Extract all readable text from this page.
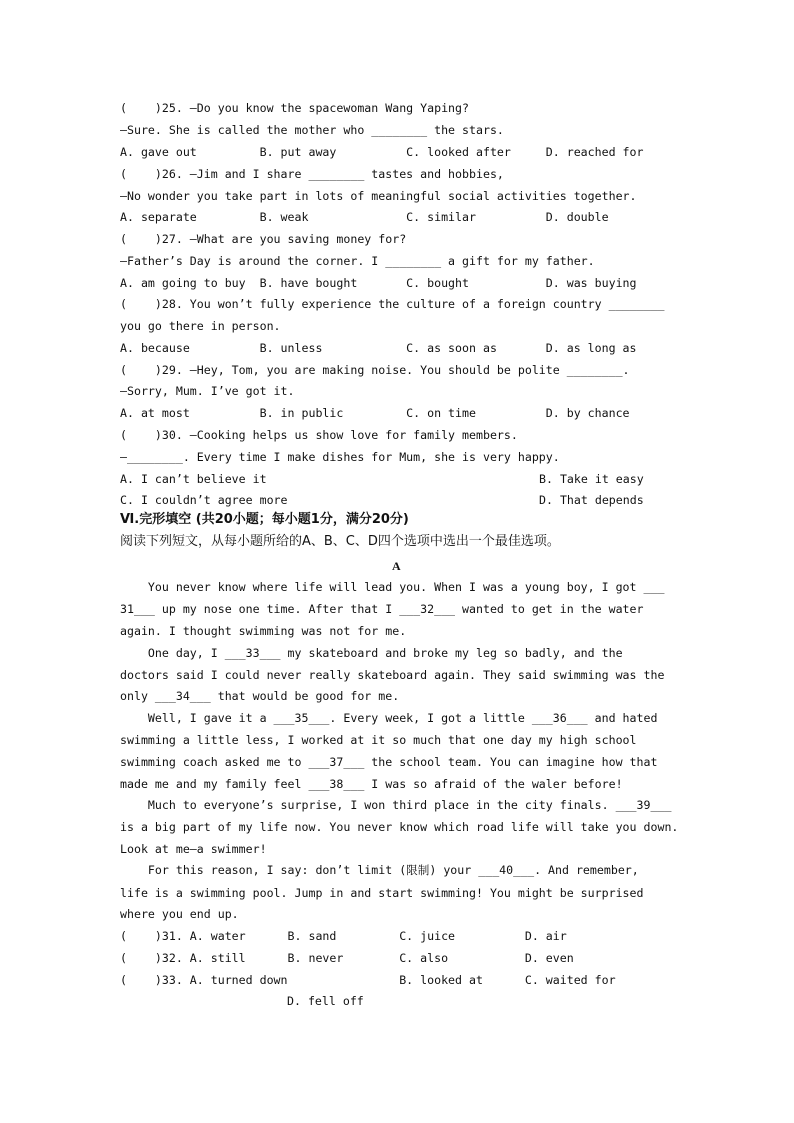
(    )25. —Do you know the spacewoman Wang Yaping?
—Sure. She is called the mother who ________ the stars.
A. gave out         B. put away          C. looked after     D. reached for
(    )26. —Jim and I share ________ tastes and hobbies,
—No wonder you take part in lots of meaningful social activities together.
A. separate         B. weak              C. similar          D. double
(    )27. —What are you saving money for?
—Father’s Day is around the corner. I ________ a gift for my father.
A. am going to buy  B. have bought       C. bought           D. was buying
(    )28. You won’t fully experience the culture of a foreign country ________
you go there in person.
A. because          B. unless            C. as soon as       D. as long as
(    )29. —Hey, Tom, you are making noise. You should be polite ________.
—Sorry, Mum. I’ve got it.
A. at most          B. in public         C. on time          D. by chance
(    )30. —Cooking helps us show love for family members.
—________. Every time I make dishes for Mum, she is very happy.
A. I can’t believe it	B. Take it easy
C. I couldn’t agree more	D. That depends
Ⅵ.完形填空 (共20小题；每小题1分，满分20分)
阅读下列短文，从每小题所给的A、B、C、D四个选项中选出一个最佳选项。
A
You never know where life will lead you. When I was a young boy, I got ___
31___ up my nose one time. After that I ___32___ wanted to get in the water
again. I thought swimming was not for me.
One day, I ___33___ my skateboard and broke my leg so badly, and the
doctors said I could never really skateboard again. They said swimming was the
only ___34___ that would be good for me.
Well, I gave it a ___35___. Every week, I got a little ___36___ and hated
swimming a little less, I worked at it so much that one day my high school
swimming coach asked me to ___37___ the school team. You can imagine how that
made me and my family feel ___38___ I was so afraid of the waler before!
Much to everyone’s surprise, I won third place in the city finals. ___39___
is a big part of my life now. You never know which road life will take you down.
Look at me—a swimmer!
For this reason, I say: don’t limit (限制) your ___40___. And remember,
life is a swimming pool. Jump in and start swimming! You might be surprised
where you end up.
(    )31. A. water      B. sand         C. juice          D. air
(    )32. A. still      B. never        C. also           D. even
(    )33. A. turned down                B. looked at      C. waited for
D. fell off
